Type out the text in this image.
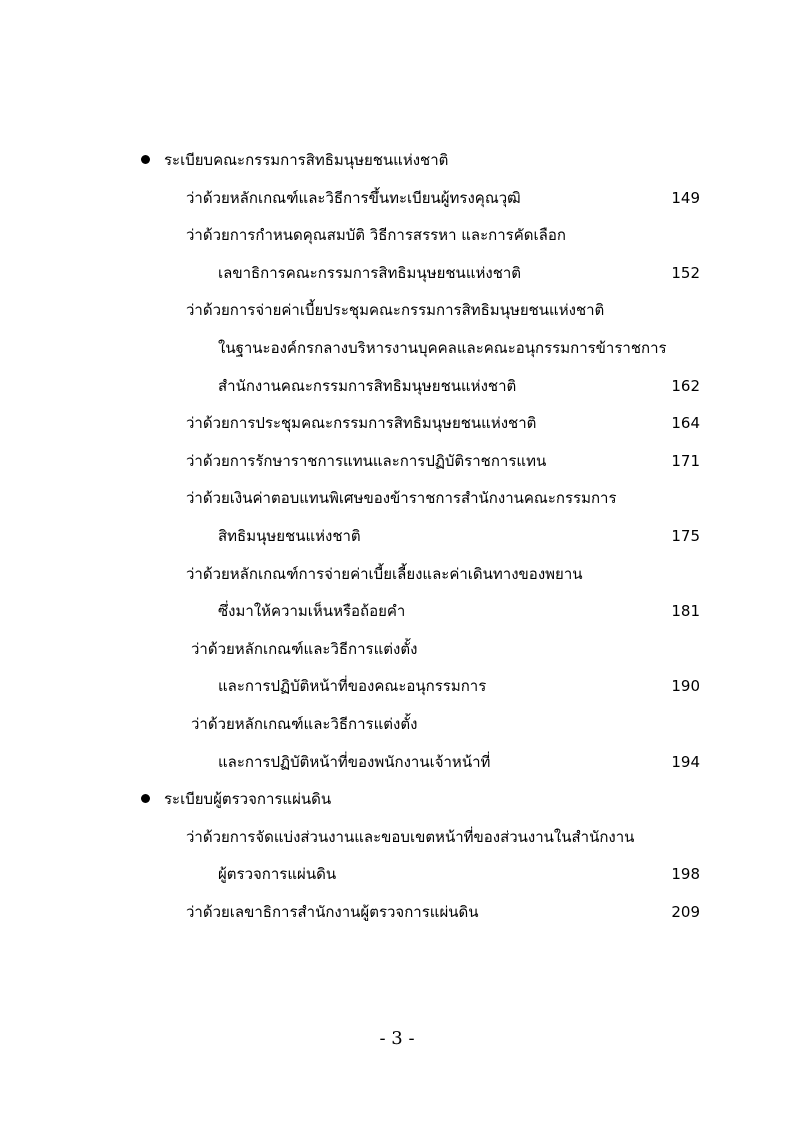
ระเบียบคณะกรรมการสิทธิมนุษยชนแห่งชาติ
ว่าด้วยหลักเกณฑ์และวิธีการขึ้นทะเบียนผู้ทรงคุณวุฒิ	149
ว่าด้วยการกำหนดคุณสมบัติ วิธีการสรรหา และการคัดเลือก
เลขาธิการคณะกรรมการสิทธิมนุษยชนแห่งชาติ	152
ว่าด้วยการจ่ายค่าเบี้ยประชุมคณะกรรมการสิทธิมนุษยชนแห่งชาติ
ในฐานะองค์กรกลางบริหารงานบุคคลและคณะอนุกรรมการข้าราชการ
สำนักงานคณะกรรมการสิทธิมนุษยชนแห่งชาติ	162
ว่าด้วยการประชุมคณะกรรมการสิทธิมนุษยชนแห่งชาติ	164
ว่าด้วยการรักษาราชการแทนและการปฏิบัติราชการแทน	171
ว่าด้วยเงินค่าตอบแทนพิเศษของข้าราชการสำนักงานคณะกรรมการ
สิทธิมนุษยชนแห่งชาติ	175
ว่าด้วยหลักเกณฑ์การจ่ายค่าเบี้ยเลี้ยงและค่าเดินทางของพยาน
ซึ่งมาให้ความเห็นหรือถ้อยคำ	181
ว่าด้วยหลักเกณฑ์และวิธีการแต่งตั้ง
และการปฏิบัติหน้าที่ของคณะอนุกรรมการ	190
ว่าด้วยหลักเกณฑ์และวิธีการแต่งตั้ง
และการปฏิบัติหน้าที่ของพนักงานเจ้าหน้าที่	194
ระเบียบผู้ตรวจการแผ่นดิน
ว่าด้วยการจัดแบ่งส่วนงานและขอบเขตหน้าที่ของส่วนงานในสำนักงาน
ผู้ตรวจการแผ่นดิน	198
ว่าด้วยเลขาธิการสำนักงานผู้ตรวจการแผ่นดิน	209
- 3 -
